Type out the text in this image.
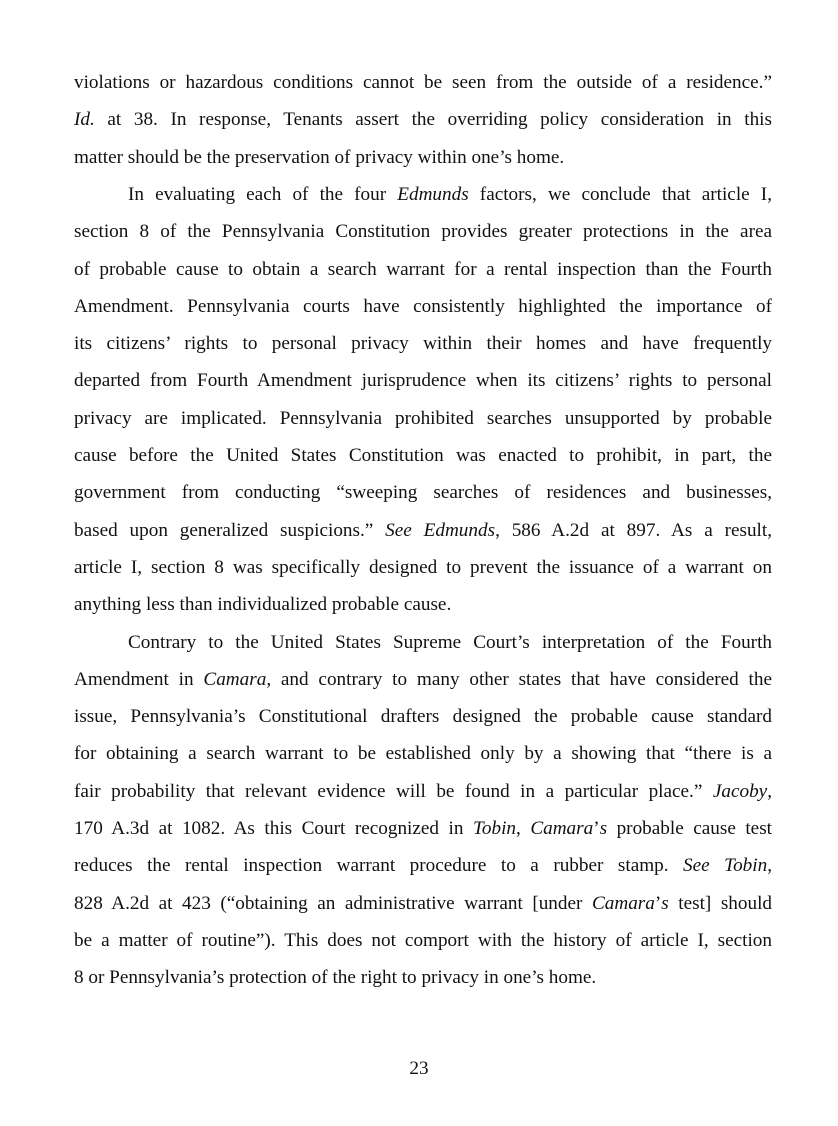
violations or hazardous conditions cannot be seen from the outside of a residence.”
Id. at 38. In response, Tenants assert the overriding policy consideration in this
matter should be the preservation of privacy within one’s home.
In evaluating each of the four Edmunds factors, we conclude that article I,
section 8 of the Pennsylvania Constitution provides greater protections in the area
of probable cause to obtain a search warrant for a rental inspection than the Fourth
Amendment. Pennsylvania courts have consistently highlighted the importance of
its citizens’ rights to personal privacy within their homes and have frequently
departed from Fourth Amendment jurisprudence when its citizens’ rights to personal
privacy are implicated. Pennsylvania prohibited searches unsupported by probable
cause before the United States Constitution was enacted to prohibit, in part, the
government from conducting “sweeping searches of residences and businesses,
based upon generalized suspicions.” See Edmunds, 586 A.2d at 897. As a result,
article I, section 8 was specifically designed to prevent the issuance of a warrant on
anything less than individualized probable cause.
Contrary to the United States Supreme Court’s interpretation of the Fourth
Amendment in Camara, and contrary to many other states that have considered the
issue, Pennsylvania’s Constitutional drafters designed the probable cause standard
for obtaining a search warrant to be established only by a showing that “there is a
fair probability that relevant evidence will be found in a particular place.” Jacoby,
170 A.3d at 1082. As this Court recognized in Tobin, Camara’s probable cause test
reduces the rental inspection warrant procedure to a rubber stamp. See Tobin,
828 A.2d at 423 (“obtaining an administrative warrant [under Camara’s test] should
be a matter of routine”). This does not comport with the history of article I, section
8 or Pennsylvania’s protection of the right to privacy in one’s home.
23
